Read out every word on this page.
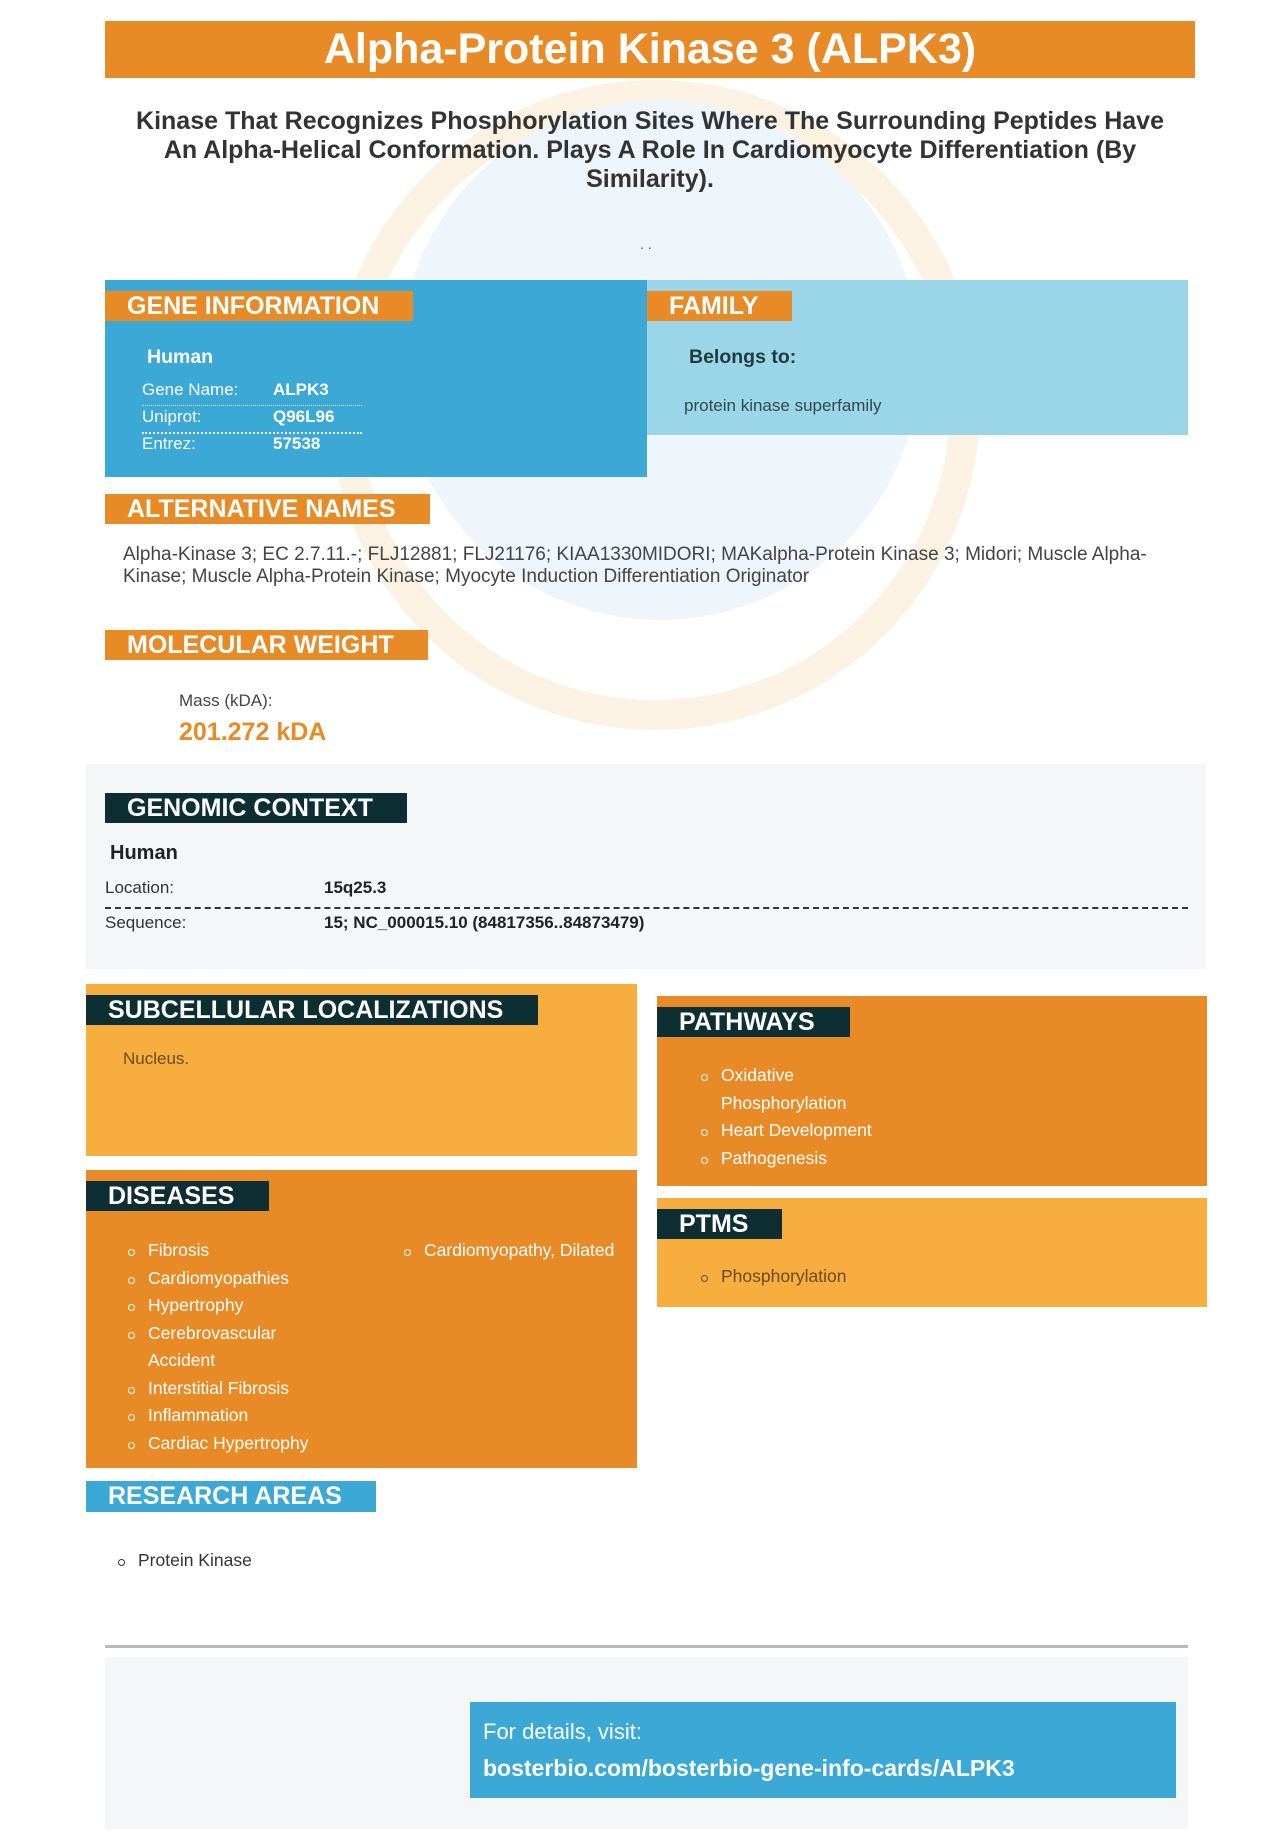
Alpha-Protein Kinase 3 (ALPK3)
Kinase That Recognizes Phosphorylation Sites Where The Surrounding Peptides Have An Alpha-Helical Conformation. Plays A Role In Cardiomyocyte Differentiation (By Similarity).
. .
GENE INFORMATION
Human
Gene Name: ALPK3
Uniprot:	Q96L96
Entrez:	57538
FAMILY
Belongs to:
protein kinase superfamily
ALTERNATIVE NAMES
Alpha-Kinase 3; EC 2.7.11.-; FLJ12881; FLJ21176; KIAA1330MIDORI; MAKalpha-Protein Kinase 3; Midori; Muscle Alpha-Kinase; Muscle Alpha-Protein Kinase; Myocyte Induction Differentiation Originator
MOLECULAR WEIGHT
Mass (kDA):
201.272 kDA
GENOMIC CONTEXT
Human
Location:	15q25.3
Sequence:	15; NC_000015.10 (84817356..84873479)
SUBCELLULAR LOCALIZATIONS
Nucleus.
PATHWAYS
Oxidative Phosphorylation
Heart Development
Pathogenesis
DISEASES
Fibrosis
Cardiomyopathies
Hypertrophy
Cerebrovascular Accident
Interstitial Fibrosis
Inflammation
Cardiac Hypertrophy
Cardiomyopathy, Dilated
PTMS
Phosphorylation
RESEARCH AREAS
Protein Kinase
For details, visit:
bosterbio.com/bosterbio-gene-info-cards/ALPK3
